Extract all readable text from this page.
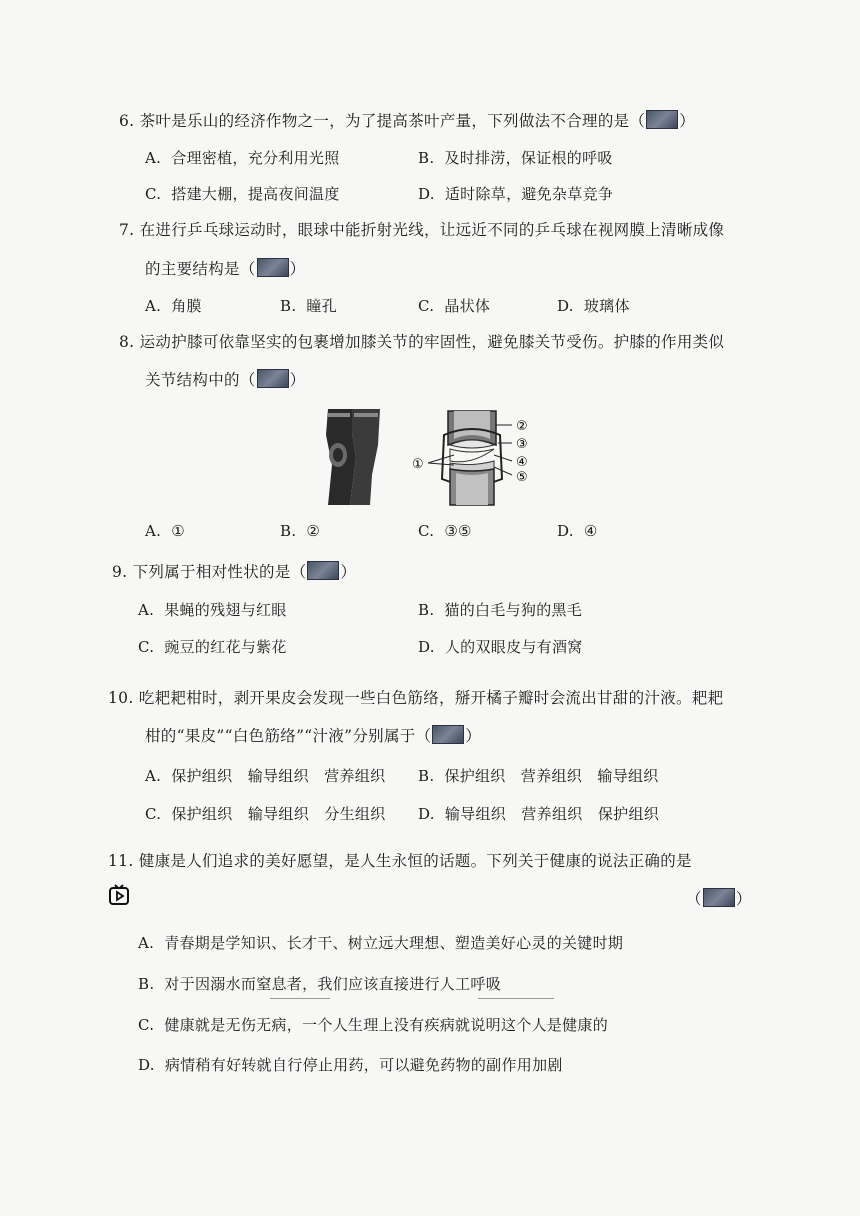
6. 茶叶是乐山的经济作物之一，为了提高茶叶产量，下列做法不合理的是（ ）
A. 合理密植，充分利用光照	B. 及时排涝，保证根的呼吸
C. 搭建大棚，提高夜间温度	D. 适时除草，避免杂草竞争
7. 在进行乒乓球运动时，眼球中能折射光线，让远近不同的乒乓球在视网膜上清晰成像
的主要结构是（ ）
A. 角膜	B. 瞳孔	C. 晶状体	D. 玻璃体
8. 运动护膝可依靠坚实的包裹增加膝关节的牢固性，避免膝关节受伤。护膝的作用类似
关节结构中的（ ）
②
③
①	④
⑤
A. ①	B. ②	C. ③⑤	D. ④
9. 下列属于相对性状的是（ ）
A. 果蝇的残翅与红眼	B. 猫的白毛与狗的黑毛
C. 豌豆的红花与紫花	D. 人的双眼皮与有酒窝
10. 吃耙耙柑时，剥开果皮会发现一些白色筋络，掰开橘子瓣时会流出甘甜的汁液。耙耙
柑的“果皮”“白色筋络”“汁液”分别属于（ ）
A. 保护组织　输导组织　营养组织 B. 保护组织　营养组织　输导组织
C. 保护组织　输导组织　分生组织 D. 输导组织　营养组织　保护组织
11. 健康是人们追求的美好愿望，是人生永恒的话题。下列关于健康的说法正确的是
（ ）
A. 青春期是学知识、长才干、树立远大理想、塑造美好心灵的关键时期
B. 对于因溺水而窒息者，我们应该直接进行人工呼吸
C. 健康就是无伤无病，一个人生理上没有疾病就说明这个人是健康的
D. 病情稍有好转就自行停止用药，可以避免药物的副作用加剧
